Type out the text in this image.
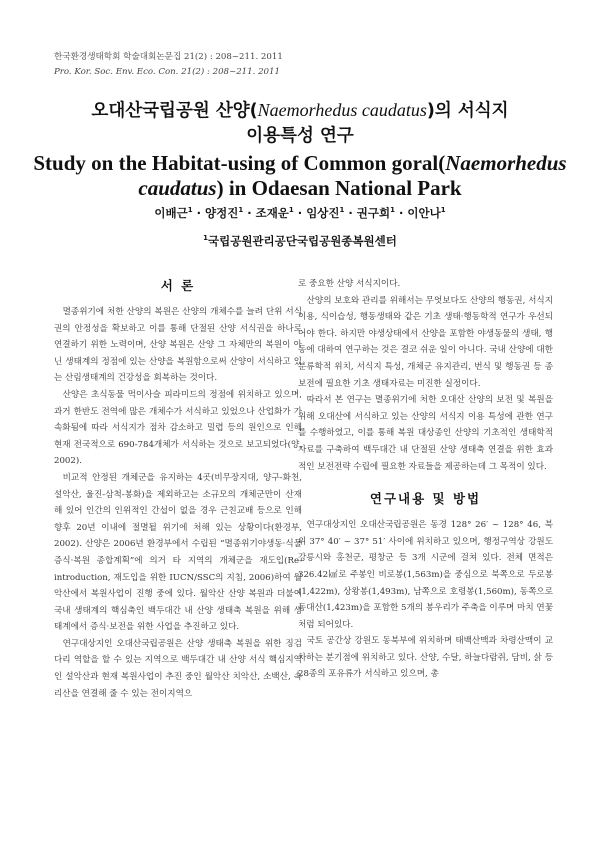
한국환경생태학회 학술대회논문집 21(2) : 208~211. 2011
Pro. Kor. Soc. Env. Eco. Con. 21(2) : 208~211. 2011
오대산국립공원 산양(Naemorhedus caudatus)의 서식지
이용특성 연구
Study on the Habitat-using of Common goral(Naemorhedus
caudatus) in Odaesan National Park
이배근$^1$ · 양정진$^1$ · 조재운$^1$ · 임상진$^1$ · 권구희$^1$ · 이안나$^1$
$^1$국립공원관리공단국립공원종복원센터
서 론

멸종위기에 처한 산양의 복원은 산양의 개체수를 늘려 단위 서식권의 안정성을 확보하고 이를 통해 단절된 산양 서식권을 하나로 연결하기 위한 노력이며, 산양 복원은 산양 그 자체만의 복원이 아닌 생태계의 정점에 있는 산양을 복원함으로써 산양이 서식하고 있는 산림생태계의 건강성을 회복하는 것이다.

산양은 초식동물 먹이사슬 피라미드의 정점에 위치하고 있으며, 과거 한반도 전역에 많은 개체수가 서식하고 있었으나 산업화가 가속화됨에 따라 서식지가 점차 감소하고 밀렵 등의 원인으로 인해 현재 전국적으로 690-784개체가 서식하는 것으로 보고되었다(양, 2002).

비교적 안정된 개체군을 유지하는 4곳(비무장지대, 양구-화천, 설악산, 울진-삼척-봉화)을 제외하고는 소규모의 개체군만이 산재해 있어 인간의 인위적인 간섭이 없을 경우 근친교배 등으로 인해 향후 20년 이내에 절멸될 위기에 처해 있는 상황이다(환경부, 2002). 산양은 2006년 환경부에서 수립된 “멸종위기야생동·식물 증식·복원 종합계획”에 의거 타 지역의 개체군을 재도입(Re-introduction, 재도입을 위한 IUCN/SSC의 지침, 2006)하여 월악산에서 복원사업이 진행 중에 있다. 월악산 산양 복원과 더불어 국내 생태계의 핵심축인 백두대간 내 산양 생태축 복원을 위해 생태계에서 증식·보전을 위한 사업을 추진하고 있다.

연구대상지인 오대산국립공원은 산양 생태축 복원을 위한 징검다리 역할을 할 수 있는 지역으로 백두대간 내 산양 서식 핵심지역인 설악산과 현재 복원사업이 추진 중인 월악산 치악산, 소백산, 속리산을 연결해 줄 수 있는 전이지역으

로 중요한 산양 서식지이다.

산양의 보호와 관리를 위해서는 무엇보다도 산양의 행동권, 서식지 이용, 식이습성, 행동생태와 같은 기초 생태·행동학적 연구가 우선되어야 한다. 하지만 야생상태에서 산양을 포함한 야생동물의 생태, 행동에 대하여 연구하는 것은 결코 쉬운 일이 아니다. 국내 산양에 대한 분류학적 위치, 서식지 특성, 개체군 유지관리, 번식 및 행동권 등 종보전에 필요한 기초 생태자료는 미진한 실정이다.

따라서 본 연구는 멸종위기에 처한 오대산 산양의 보전 및 복원을 위해 오대산에 서식하고 있는 산양의 서식지 이용 특성에 관한 연구를 수행하였고, 이를 통해 복원 대상종인 산양의 기초적인 생태학적 자료를 구축하여 백두대간 내 단절된 산양 생태축 연결을 위한 효과적인 보전전략 수립에 필요한 자료들을 제공하는데 그 목적이 있다.

연구내용 및 방법

연구대상지인 오대산국립공원은 동경 128° 26′ ~ 128° 46, 북위 37° 40′ ~ 37° 51′ 사이에 위치하고 있으며, 행정구역상 강원도 강릉시와 홍천군, 평창군 등 3개 시군에 걸쳐 있다. 전체 면적은 326.42㎢로 주봉인 비로봉(1,563m)을 중심으로 북쪽으로 두로봉(1,422m), 상왕봉(1,493m), 남쪽으로 호령봉(1,560m), 동쪽으로 동대산(1,423m)을 포함한 5개의 봉우리가 주축을 이루며 마치 연꽃처럼 되어있다.

국토 공간상 강원도 동북부에 위치하며 태백산맥과 차령산맥이 교차하는 분기점에 위치하고 있다. 산양, 수달, 하늘다람쥐, 담비, 삵 등 28종의 포유류가 서식하고 있으며, 총
